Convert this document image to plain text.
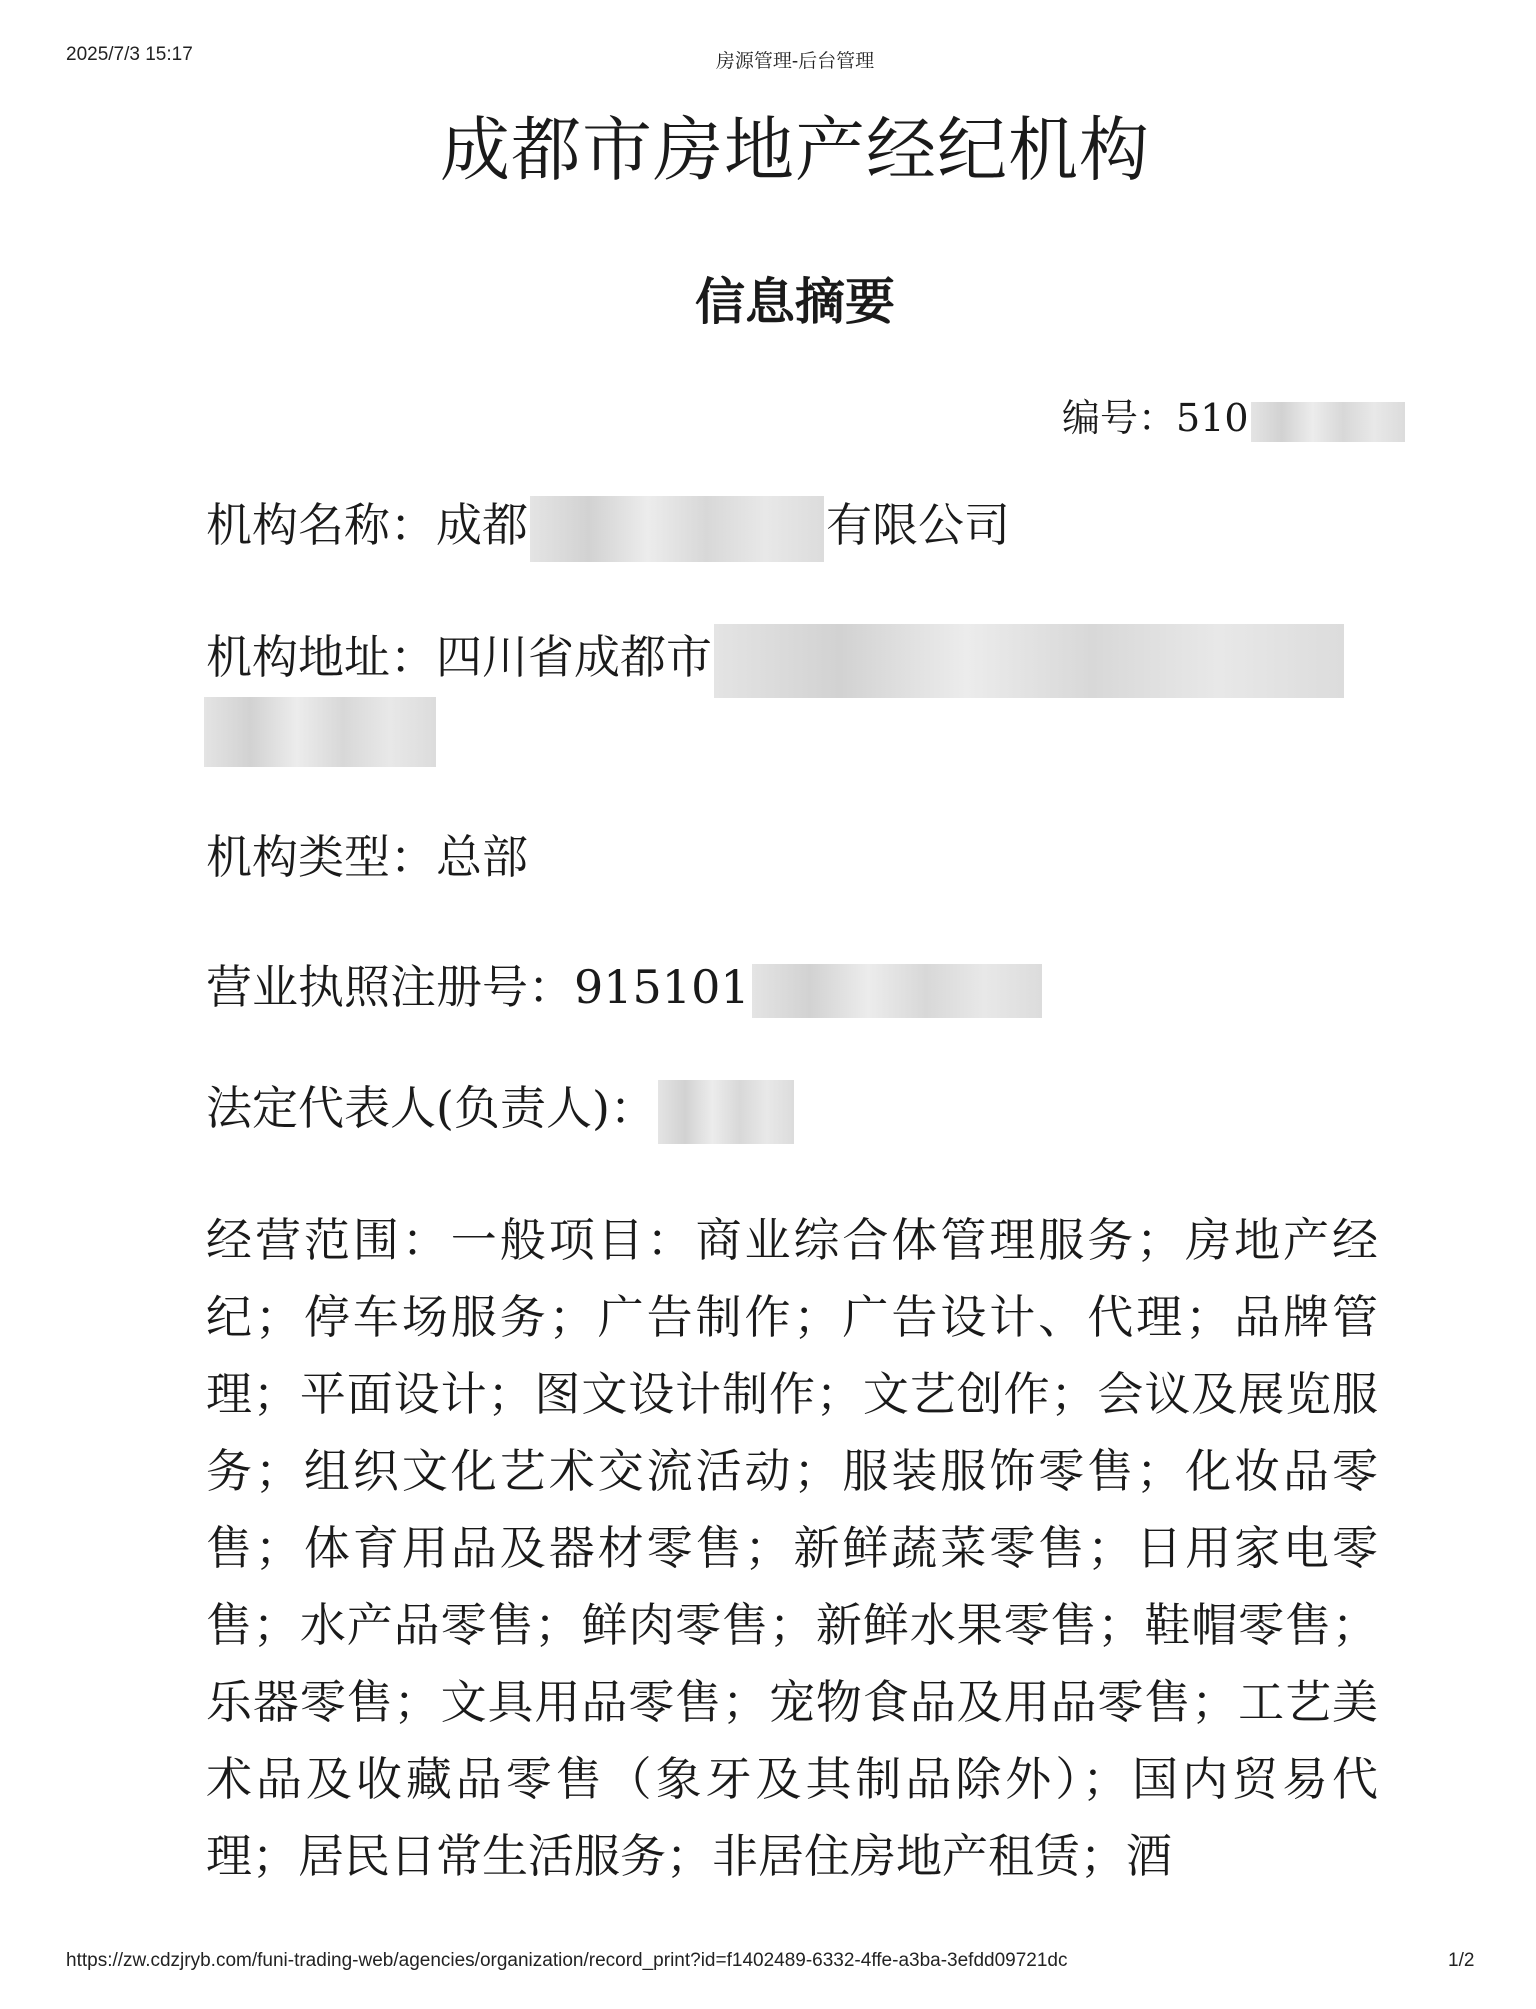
2025/7/3 15:17	房源管理-后台管理
成都市房地产经纪机构
信息摘要
编号：510
机构名称：成都	有限公司
机构地址：四川省成都市
机构类型：总部
营业执照注册号：915101
法定代表人(负责人)：

经营范围：一般项目：商业综合体管理服务；房地产经纪；停车场服务；广告制作；广告设计、代理；品牌管理；平面设计；图文设计制作；文艺创作；会议及展览服务；组织文化艺术交流活动；服装服饰零售；化妆品零售；体育用品及器材零售；新鲜蔬菜零售；日用家电零售；水产品零售；鲜肉零售；新鲜水果零售；鞋帽零售；乐器零售；文具用品零售；宠物食品及用品零售；工艺美术品及收藏品零售（象牙及其制品除外）；国内贸易代理；居民日常生活服务；非居住房地产租赁；酒

https://zw.cdzjryb.com/funi-trading-web/agencies/organization/record_print?id=f1402489-6332-4ffe-a3ba-3efdd09721dc	1/2
